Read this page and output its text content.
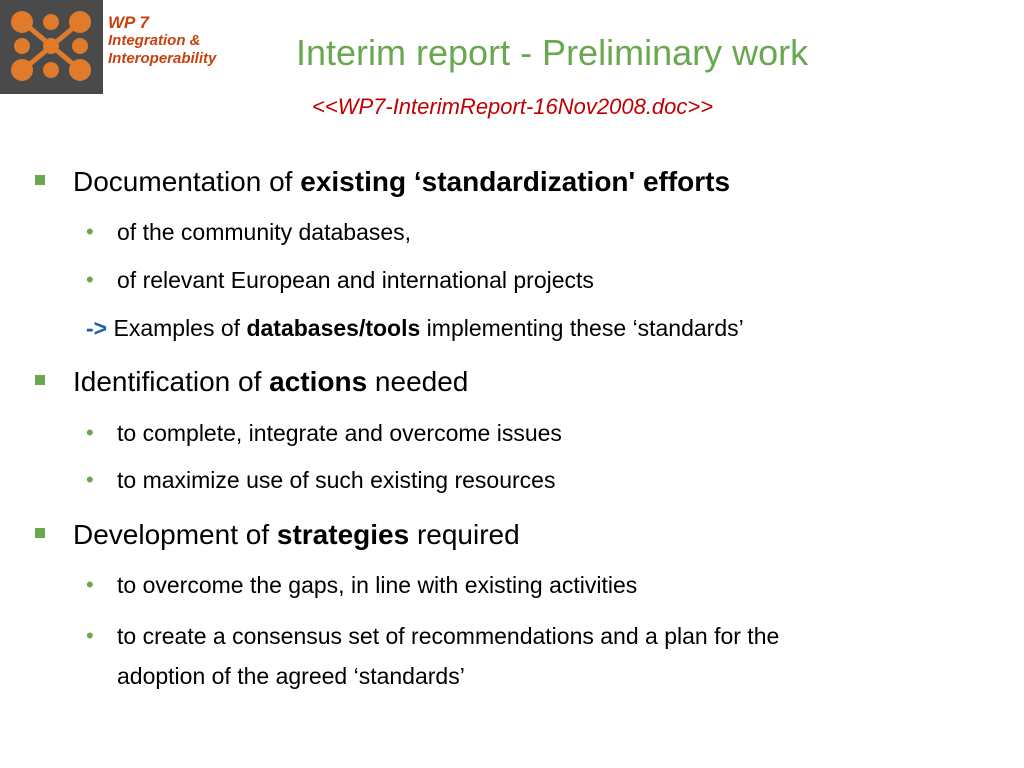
WP 7
Integration &
Interoperability Interim report - Preliminary work
<<WP7-InterimReport-16Nov2008.doc>>
Documentation of existing ‘standardization' efforts
• of the community databases,
• of relevant European and international projects
-> Examples of databases/tools implementing these ‘standards’
Identification of actions needed
• to complete, integrate and overcome issues
• to maximize use of such existing resources
Development of strategies required
• to overcome the gaps, in line with existing activities
• to create a consensus set of recommendations and a plan for the
adoption of the agreed ‘standards’
